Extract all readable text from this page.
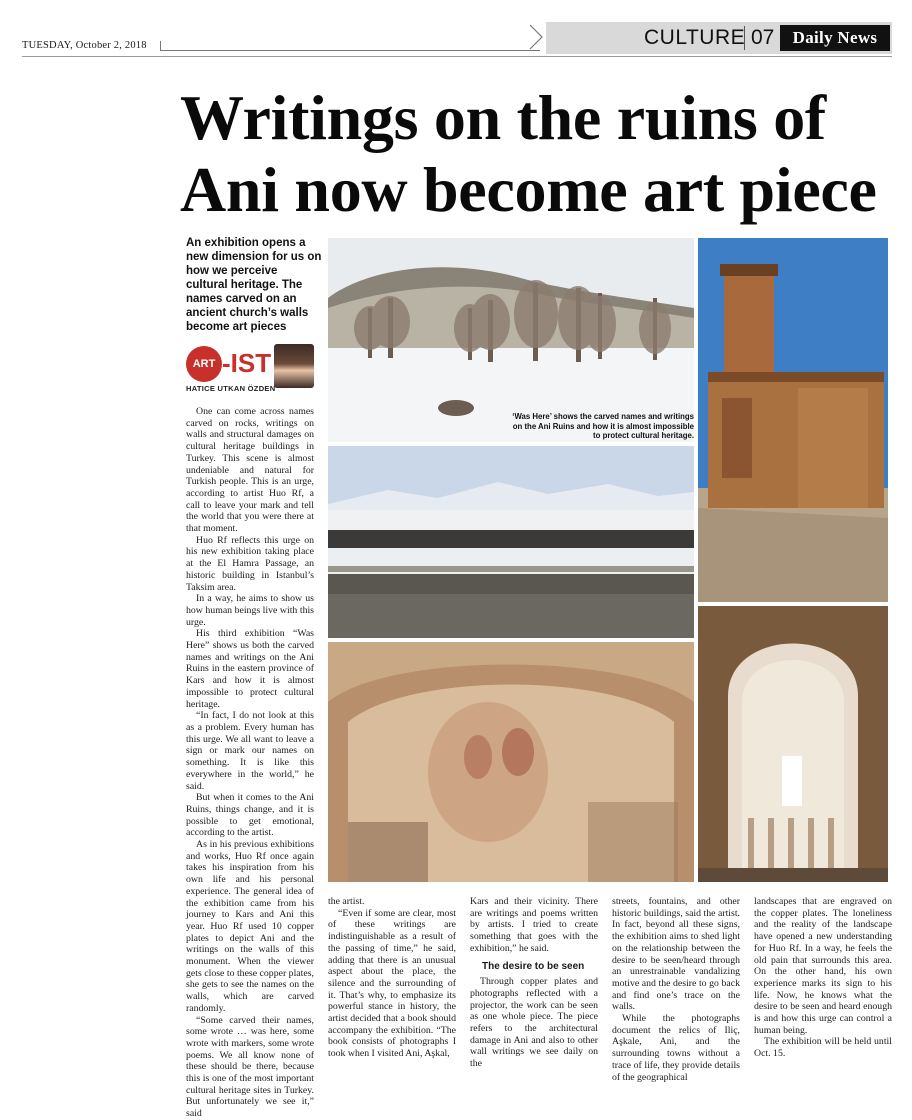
TUESDAY, October 2, 2018	CULTURE 07	Daily News
Writings on the ruins of
Ani now become art piece
An exhibition opens a new dimension for us on how we perceive cultural heritage. The names carved on an ancient church’s walls become art pieces
ART -IST
HATICE UTKAN ÖZDEN
‘Was Here’ shows the carved names and writings on the Ani Ruins and how it is almost impossible to protect cultural heritage.

One can come across names carved on rocks, writings on walls and structural damages on cultural heritage buildings in Turkey. This scene is almost undeniable and natural for Turkish people. This is an urge, according to artist Huo Rf, a call to leave your mark and tell the world that you were there at that moment.

Huo Rf reflects this urge on his new exhibition taking place at the El Hamra Passage, an historic building in Istanbul’s Taksim area.

In a way, he aims to show us how human beings live with this urge.

His third exhibition “Was Here” shows us both the carved names and writings on the Ani Ruins in the eastern province of Kars and how it is almost impossible to protect cultural heritage.

“In fact, I do not look at this as a problem. Every human has this urge. We all want to leave a sign or mark our names on something. It is like this everywhere in the world,” he said.

But when it comes to the Ani Ruins, things change, and it is possible to get emotional, according to the artist.

As in his previous exhibitions and works, Huo Rf once again takes his inspiration from his own life and his personal experience. The general idea of the exhibition came from his journey to Kars and Ani this year. Huo Rf used 10 copper plates to depict Ani and the writings on the walls of this monument. When the viewer gets close to these copper plates, she gets to see the names on the walls, which are carved randomly.

“Some carved their names, some wrote … was here, some wrote with markers, some wrote poems. We all know none of these should be there, because this is one of the most important cultural heritage sites in Turkey. But unfortunately we see it,” said

the artist.

“Even if some are clear, most of these writings are indistinguishable as a result of the passing of time,” he said, adding that there is an unusual aspect about the place, the silence and the surrounding of it. That’s why, to emphasize its powerful stance in history, the artist decided that a book should accompany the exhibition. “The book consists of photographs I took when I visited Ani, Aşkal,

Kars and their vicinity. There are writings and poems written by artists. I tried to create something that goes with the exhibition,” he said.

The desire to be seen

Through copper plates and photographs reflected with a projector, the work can be seen as one whole piece. The piece refers to the architectural damage in Ani and also to other wall writings we see daily on the

streets, fountains, and other historic buildings, said the artist. In fact, beyond all these signs, the exhibition aims to shed light on the relationship between the desire to be seen/heard through an unrestrainable vandalizing motive and the desire to go back and find one’s trace on the walls.

While the photographs document the relics of Iliç, Aşkale, Ani, and the surrounding towns without a trace of life, they provide details of the geographical

landscapes that are engraved on the copper plates. The loneliness and the reality of the landscape have opened a new understanding for Huo Rf. In a way, he feels the old pain that surrounds this area. On the other hand, his own experience marks its sign to his life. Now, he knows what the desire to be seen and heard enough is and how this urge can control a human being.

The exhibition will be held until Oct. 15.
